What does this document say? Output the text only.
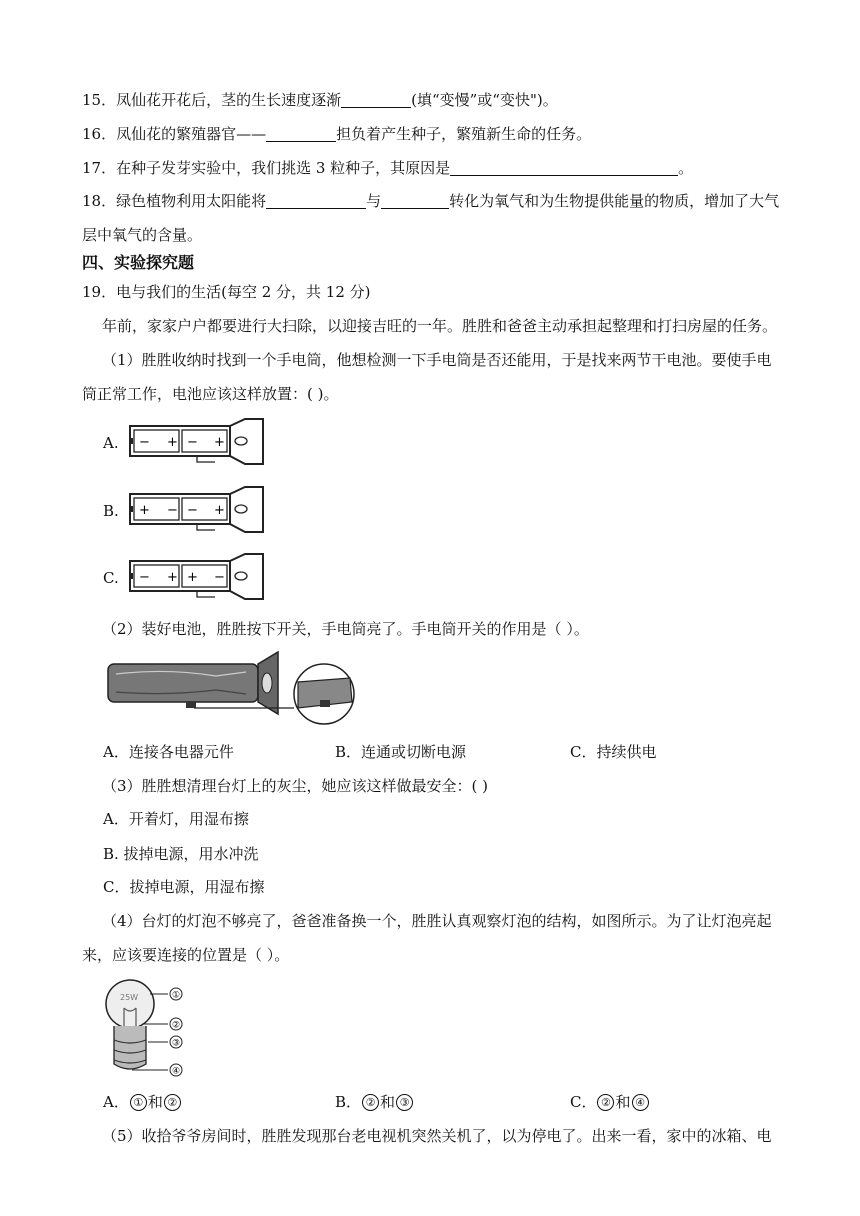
15．凤仙花开花后，茎的生长速度逐渐	(填“变慢”或“变快")。
16．凤仙花的繁殖器官——	担负着产生种子，繁殖新生命的任务。
17．在种子发芽实验中，我们挑选 3 粒种子，其原因是	。
18．绿色植物利用太阳能将	与	转化为氧气和为生物提供能量的物质，增加了大气
层中氧气的含量。
四、实验探究题
19．电与我们的生活(每空 2 分，共 12 分)
年前，家家户户都要进行大扫除，以迎接吉旺的一年。胜胜和爸爸主动承担起整理和打扫房屋的任务。
（1）胜胜收纳时找到一个手电筒，他想检测一下手电筒是否还能用，于是找来两节干电池。要使手电
筒正常工作，电池应该这样放置：( )。
A. − + − +
B. + − − +
C. − + + −
（2）装好电池，胜胜按下开关，手电筒亮了。手电筒开关的作用是（ ）。
A．连接各电器元件	B．连通或切断电源	C．持续供电
（3）胜胜想清理台灯上的灰尘，她应该这样做最安全：( )
A．开着灯，用湿布擦
B. 拔掉电源，用水冲洗
C．拔掉电源，用湿布擦
（4）台灯的灯泡不够亮了，爸爸准备换一个，胜胜认真观察灯泡的结构，如图所示。为了让灯泡亮起
来，应该要连接的位置是（ ）。
25W	①
②
③
④
A． ① 和 ②	B． ② 和 ③	C． ② 和 ④
（5）收拾爷爷房间时，胜胜发现那台老电视机突然关机了，以为停电了。出来一看，家中的冰箱、电
